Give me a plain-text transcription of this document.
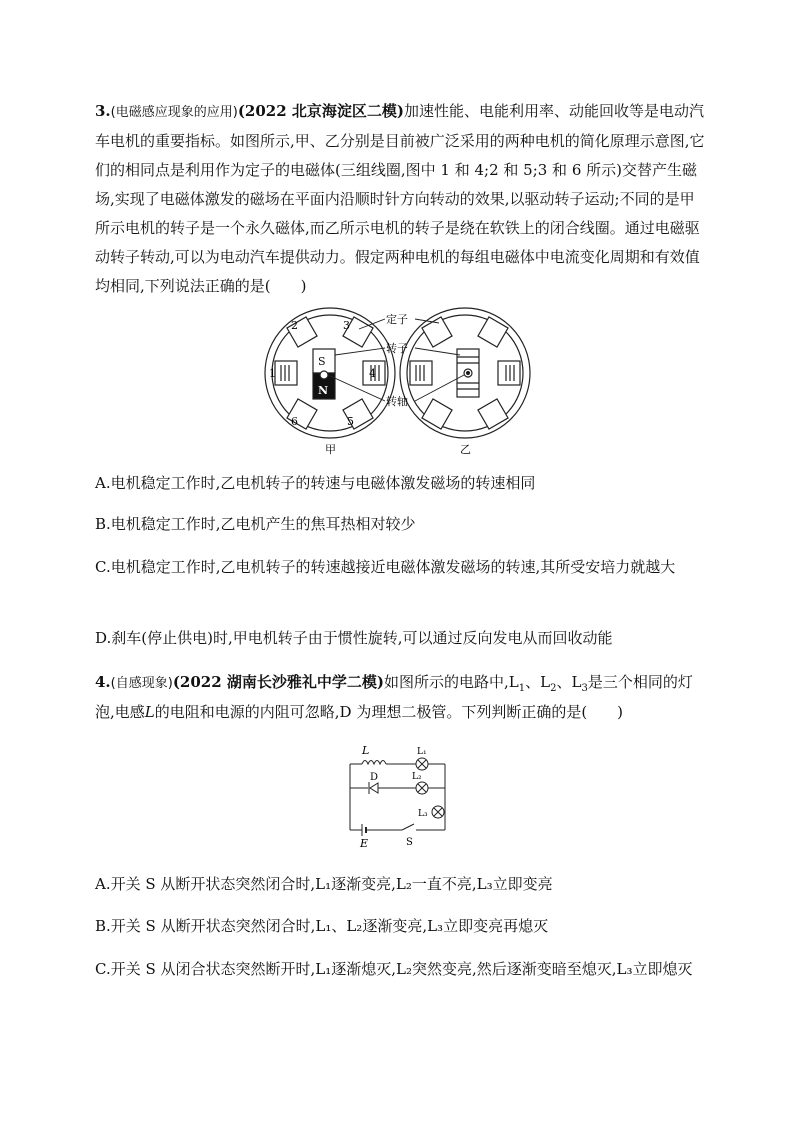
3.(电磁感应现象的应用)(2022 北京海淀区二模)加速性能、电能利用率、动能回收等是电动汽车电机的重要指标。如图所示,甲、乙分别是目前被广泛采用的两种电机的简化原理示意图,它们的相同点是利用作为定子的电磁体(三组线圈,图中 1 和 4;2 和 5;3 和 6 所示)交替产生磁场,实现了电磁体激发的磁场在平面内沿顺时针方向转动的效果,以驱动转子运动;不同的是甲所示电机的转子是一个永久磁体,而乙所示电机的转子是绕在软铁上的闭合线圈。通过电磁驱动转子转动,可以为电动汽车提供动力。假定两种电机的每组电磁体中电流变化周期和有效值均相同,下列说法正确的是(　　)
S
N
1
2	3
4
5
6
甲	乙
定子
转子
转轴
A.电机稳定工作时,乙电机转子的转速与电磁体激发磁场的转速相同
B.电机稳定工作时,乙电机产生的焦耳热相对较少
C.电机稳定工作时,乙电机转子的转速越接近电磁体激发磁场的转速,其所受安培力就越大
D.刹车(停止供电)时,甲电机转子由于惯性旋转,可以通过反向发电从而回收动能
4.(自感现象)(2022 湖南长沙雅礼中学二模)如图所示的电路中$,L_1$、$L_2$、$L_3$是三个相同的灯泡,电感L的电阻和电源的内阻可忽略,D 为理想二极管。下列判断正确的是(　　)
L	L₁
D	L₂
L₃
E	S
A.开关 S 从断开状态突然闭合时,L₁逐渐变亮,L₂一直不亮,L₃立即变亮
B.开关 S 从断开状态突然闭合时,L₁、L₂逐渐变亮,L₃立即变亮再熄灭
C.开关 S 从闭合状态突然断开时,L₁逐渐熄灭,L₂突然变亮,然后逐渐变暗至熄灭,L₃立即熄灭
